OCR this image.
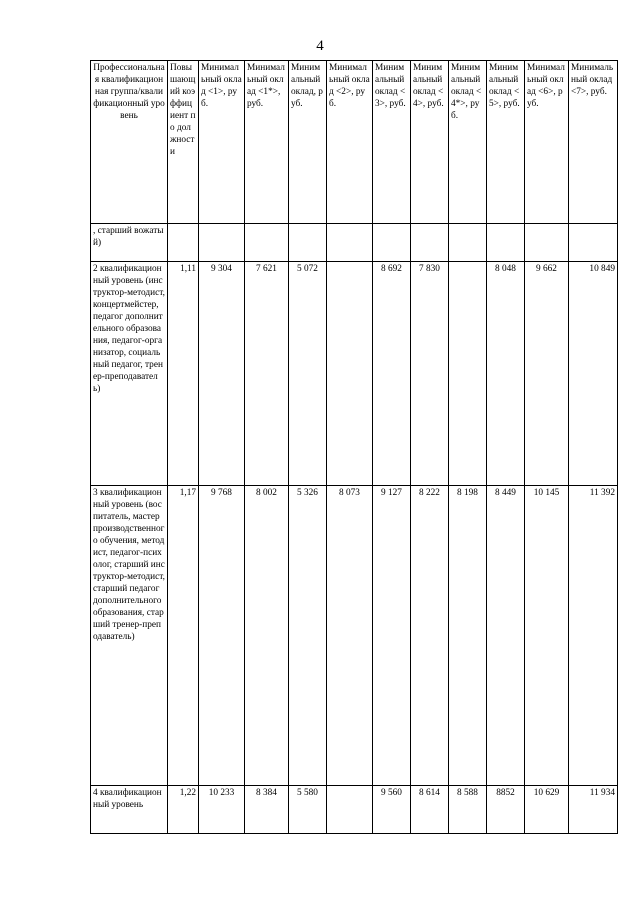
4
Профессиональная квалификационная группа/квалификационный уровень	Повышающий коэффициент по должности	Минимальный оклад <1>, руб.	Минимальный оклад <1*>, руб.	Минимальный оклад, руб.	Минимальный оклад <2>, руб.	Минимальный оклад <3>, руб.	Минимальный оклад <4>, руб.	Минимальный оклад <4*>, руб.	Минимальный оклад <5>, руб.	Минимальный оклад <6>, руб.	Минимальный оклад <7>, руб.
, старший вожатый)											
2 квалификационный уровень (инструктор-методист, концертмейстер, педагог дополнительного образования, педагог-организатор, социальный педагог, тренер-преподаватель)	1,11	9 304	7 621	5 072		8 692	7 830		8 048	9 662	10 849
3 квалификационный уровень (воспитатель, мастер производственного обучения, методист, педагог-психолог, старший инструктор-методист, старший педагог дополнительного образования, старший тренер-преподаватель)	1,17	9 768	8 002	5 326	8 073	9 127	8 222	8 198	8 449	10 145	11 392
4 квалификационный уровень	1,22	10 233	8 384	5 580		9 560	8 614	8 588	8852	10 629	11 934
